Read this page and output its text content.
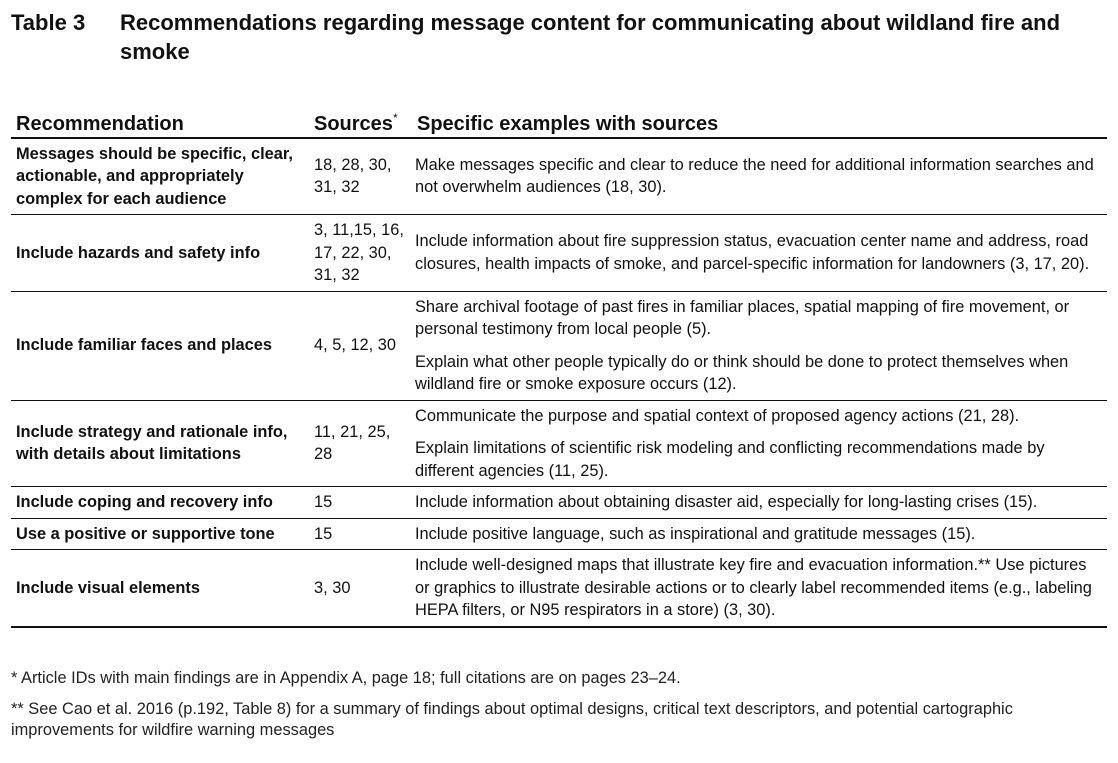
Table 3	Recommendations regarding message content for communicating about wildland fire and smoke
Recommendation	Sources*	Specific examples with sources
Messages should be specific, clear, actionable, and appropriately complex for each audience	18, 28, 30, 31, 32	Make messages specific and clear to reduce the need for additional information searches and not overwhelm audiences (18, 30).

Include hazards and safety info	3, 11,15, 16, 17, 22, 30, 31, 32	Include information about fire suppression status, evacuation center name and address, road closures, health impacts of smoke, and parcel-specific information for landowners (3, 17, 20).

Include familiar faces and places	4, 5, 12, 30	Share archival footage of past fires in familiar places, spatial mapping of fire movement, or personal testimony from local people (5).

Explain what other people typically do or think should be done to protect themselves when wildland fire or smoke exposure occurs (12).

Include strategy and rationale info, with details about limitations	11, 21, 25, 28	Communicate the purpose and spatial context of proposed agency actions (21, 28).

Explain limitations of scientific risk modeling and conflicting recommendations made by different agencies (11, 25).

Include coping and recovery info	15	Include information about obtaining disaster aid, especially for long-lasting crises (15).

Use a positive or supportive tone	15	Include positive language, such as inspirational and gratitude messages (15).

Include visual elements	3, 30	Include well-designed maps that illustrate key fire and evacuation information.** Use pictures or graphics to illustrate desirable actions or to clearly label recommended items (e.g., labeling HEPA filters, or N95 respirators in a store) (3, 30).

* Article IDs with main findings are in Appendix A, page 18; full citations are on pages 23–24.

** See Cao et al. 2016 (p.192, Table 8) for a summary of findings about optimal designs, critical text descriptors, and potential cartographic improvements for wildfire warning messages
